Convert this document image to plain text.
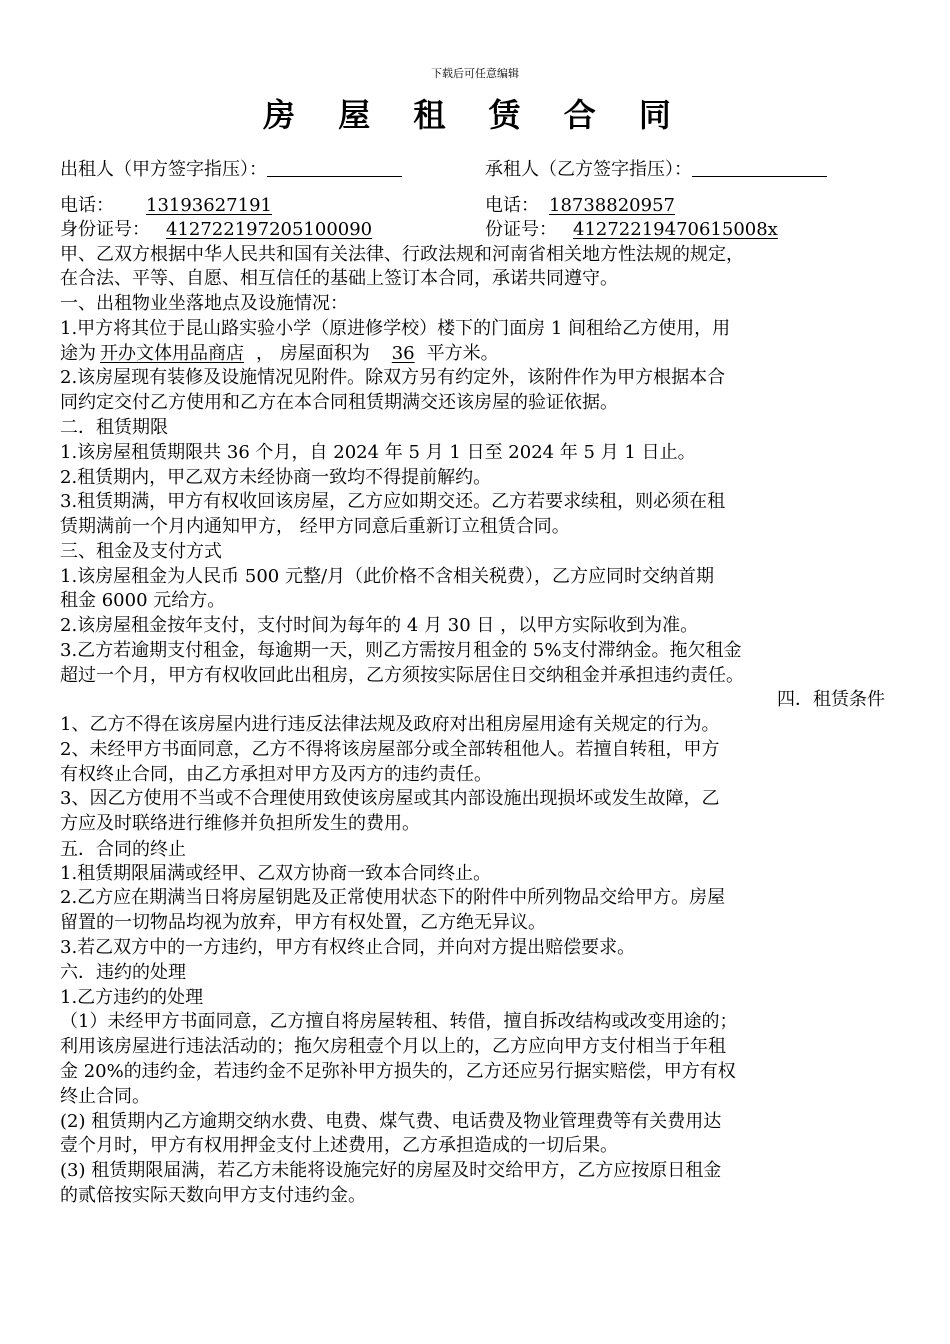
下载后可任意编辑
房 屋 租 赁 合 同
出租人（甲方签字指压）：	承租人（乙方签字指压）：
电话： 13193627191	电话： 18738820957
身份证号： 412722197205100090	份证号： 41272219470615008x
甲、乙双方根据中华人民共和国有关法律、行政法规和河南省相关地方性法规的规定，
在合法、平等、自愿、相互信任的基础上签订本合同，承诺共同遵守。
一、出租物业坐落地点及设施情况：
1.甲方将其位于昆山路实验小学（原进修学校）楼下的门面房 1 间租给乙方使用，用
途为 开办文体用品商店 ， 房屋面积为 36 平方米。
2.该房屋现有装修及设施情况见附件。除双方另有约定外，该附件作为甲方根据本合
同约定交付乙方使用和乙方在本合同租赁期满交还该房屋的验证依据。
二．租赁期限
1.该房屋租赁期限共 36 个月，自 2024 年 5 月 1 日至 2024 年 5 月 1 日止。
2.租赁期内，甲乙双方未经协商一致均不得提前解约。
3.租赁期满，甲方有权收回该房屋，乙方应如期交还。乙方若要求续租，则必须在租
赁期满前一个月内通知甲方， 经甲方同意后重新订立租赁合同。
三、租金及支付方式
1.该房屋租金为人民币 500 元整/月（此价格不含相关税费），乙方应同时交纳首期
租金 6000 元给方。
2.该房屋租金按年支付，支付时间为每年的 4 月 30 日 ，以甲方实际收到为准。
3.乙方若逾期支付租金，每逾期一天，则乙方需按月租金的 5%支付滞纳金。拖欠租金
超过一个月，甲方有权收回此出租房，乙方须按实际居住日交纳租金并承担违约责任。
四．租赁条件
1、乙方不得在该房屋内进行违反法律法规及政府对出租房屋用途有关规定的行为。
2、未经甲方书面同意，乙方不得将该房屋部分或全部转租他人。若擅自转租，甲方
有权终止合同，由乙方承担对甲方及丙方的违约责任。
3、因乙方使用不当或不合理使用致使该房屋或其内部设施出现损坏或发生故障，乙
方应及时联络进行维修并负担所发生的费用。
五．合同的终止
1.租赁期限届满或经甲、乙双方协商一致本合同终止。
2.乙方应在期满当日将房屋钥匙及正常使用状态下的附件中所列物品交给甲方。房屋
留置的一切物品均视为放弃，甲方有权处置，乙方绝无异议。
3.若乙双方中的一方违约，甲方有权终止合同，并向对方提出赔偿要求。
六．违约的处理
1.乙方违约的处理
（1）未经甲方书面同意，乙方擅自将房屋转租、转借，擅自拆改结构或改变用途的；
利用该房屋进行违法活动的；拖欠房租壹个月以上的，乙方应向甲方支付相当于年租
金 20%的违约金，若违约金不足弥补甲方损失的，乙方还应另行据实赔偿，甲方有权
终止合同。
(2) 租赁期内乙方逾期交纳水费、电费、煤气费、电话费及物业管理费等有关费用达
壹个月时，甲方有权用押金支付上述费用，乙方承担造成的一切后果。
(3) 租赁期限届满，若乙方未能将设施完好的房屋及时交给甲方，乙方应按原日租金
的贰倍按实际天数向甲方支付违约金。
